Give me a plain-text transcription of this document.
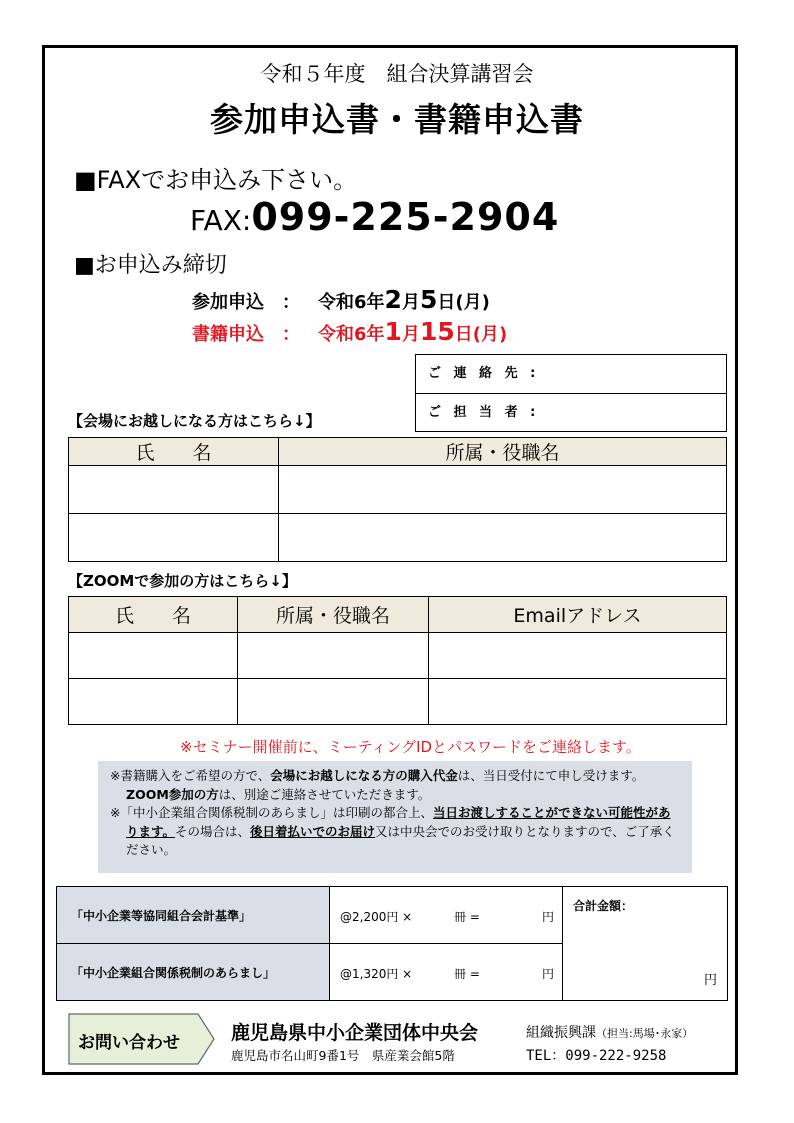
令和５年度　組合決算講習会
参加申込書・書籍申込書
■FAXでお申込み下さい。
FAX:099-225-2904
■お申込み締切
参加申込 ： 令和6年2月5日(月)
書籍申込 ： 令和6年1月15日(月)
ご 連 絡 先 :
ご 担 当 者 :
【会場にお越しになる方はこちら↓】
氏　　名	所属・役職名

【ZOOMで参加の方はこちら↓】
氏　　名	所属・役職名	Emailアドレス

※セミナー開催前に、ミーティングIDとパスワードをご連絡します。

※書籍購入をご希望の方で、会場にお越しになる方の購入代金は、当日受付にて申し受けます。ZOOM参加の方は、別途ご連絡させていただきます。

※「中小企業組合関係税制のあらまし」は印刷の都合上、当日お渡しすることができない可能性があります。その場合は、後日着払いでのお届け又は中央会でのお受け取りとなりますので、ご了承ください。

「中小企業等協同組合会計基準」	@2,200円 × 冊 = 円	合計金額：
円

「中小企業組合関係税制のあらまし」	@1,320円 × 冊 = 円	
お問い合わせ	鹿児島県中小企業団体中央会	組織振興課（担当:馬場･永家）
鹿児島市名山町9番1号　県産業会館5階	TEL：099-222-9258
